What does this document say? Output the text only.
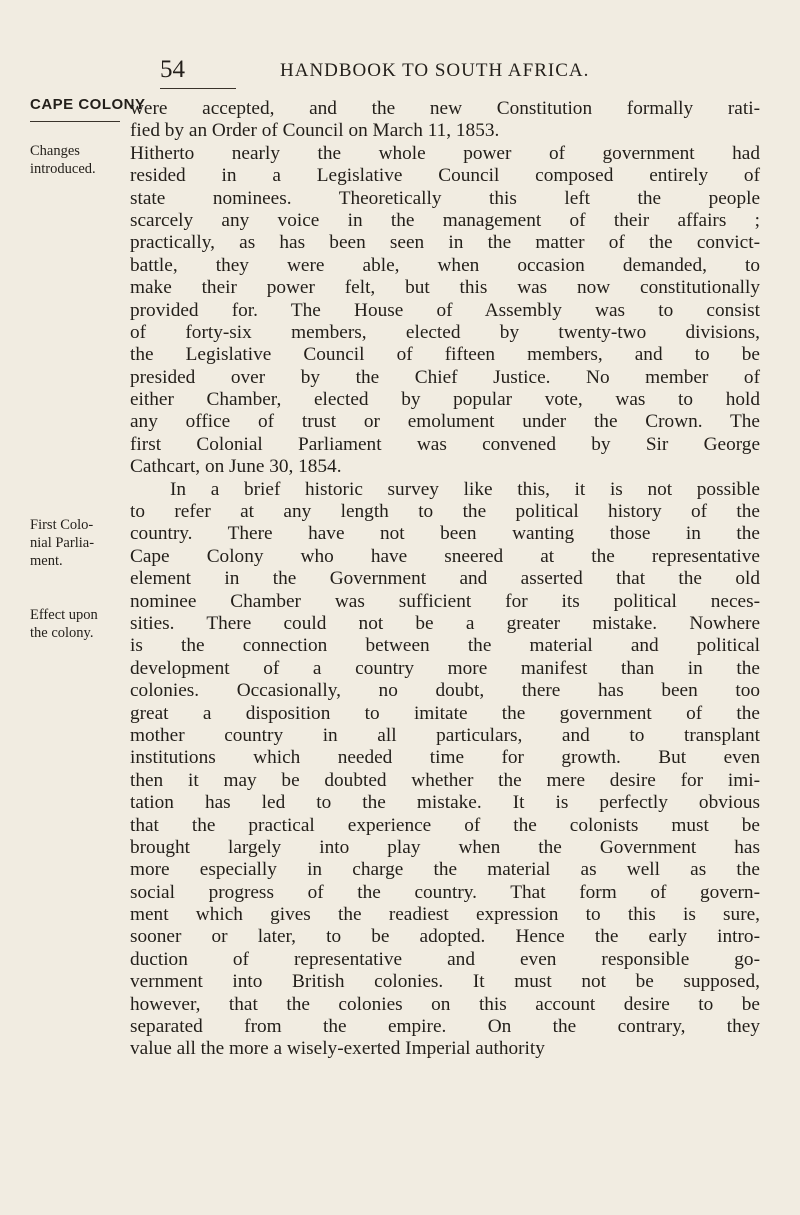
54	HANDBOOK TO SOUTH AFRICA.
CAPE COLONY
Changes
introduced.
First Colo-
nial Parlia-
ment.
Effect upon
the colony.
were accepted, and the new Constitution formally rati-
fied by an Order of Council on March 11, 1853.
Hitherto nearly the whole power of government had
resided in a Legislative Council composed entirely of
state nominees. Theoretically this left the people
scarcely any voice in the management of their affairs ;
practically, as has been seen in the matter of the convict-
battle, they were able, when occasion demanded, to
make their power felt, but this was now constitutionally
provided for. The House of Assembly was to consist
of forty-six members, elected by twenty-two divisions,
the Legislative Council of fifteen members, and to be
presided over by the Chief Justice. No member of
either Chamber, elected by popular vote, was to hold
any office of trust or emolument under the Crown. The
first Colonial Parliament was convened by Sir George
Cathcart, on June 30, 1854.
In a brief historic survey like this, it is not possible
to refer at any length to the political history of the
country. There have not been wanting those in the
Cape Colony who have sneered at the representative
element in the Government and asserted that the old
nominee Chamber was sufficient for its political neces-
sities. There could not be a greater mistake. Nowhere
is the connection between the material and political
development of a country more manifest than in the
colonies. Occasionally, no doubt, there has been too
great a disposition to imitate the government of the
mother country in all particulars, and to transplant
institutions which needed time for growth. But even
then it may be doubted whether the mere desire for imi-
tation has led to the mistake. It is perfectly obvious
that the practical experience of the colonists must be
brought largely into play when the Government has
more especially in charge the material as well as the
social progress of the country. That form of govern-
ment which gives the readiest expression to this is sure,
sooner or later, to be adopted. Hence the early intro-
duction of representative and even responsible go-
vernment into British colonies. It must not be supposed,
however, that the colonies on this account desire to be
separated from the empire. On the contrary, they
value all the more a wisely-exerted Imperial authority
